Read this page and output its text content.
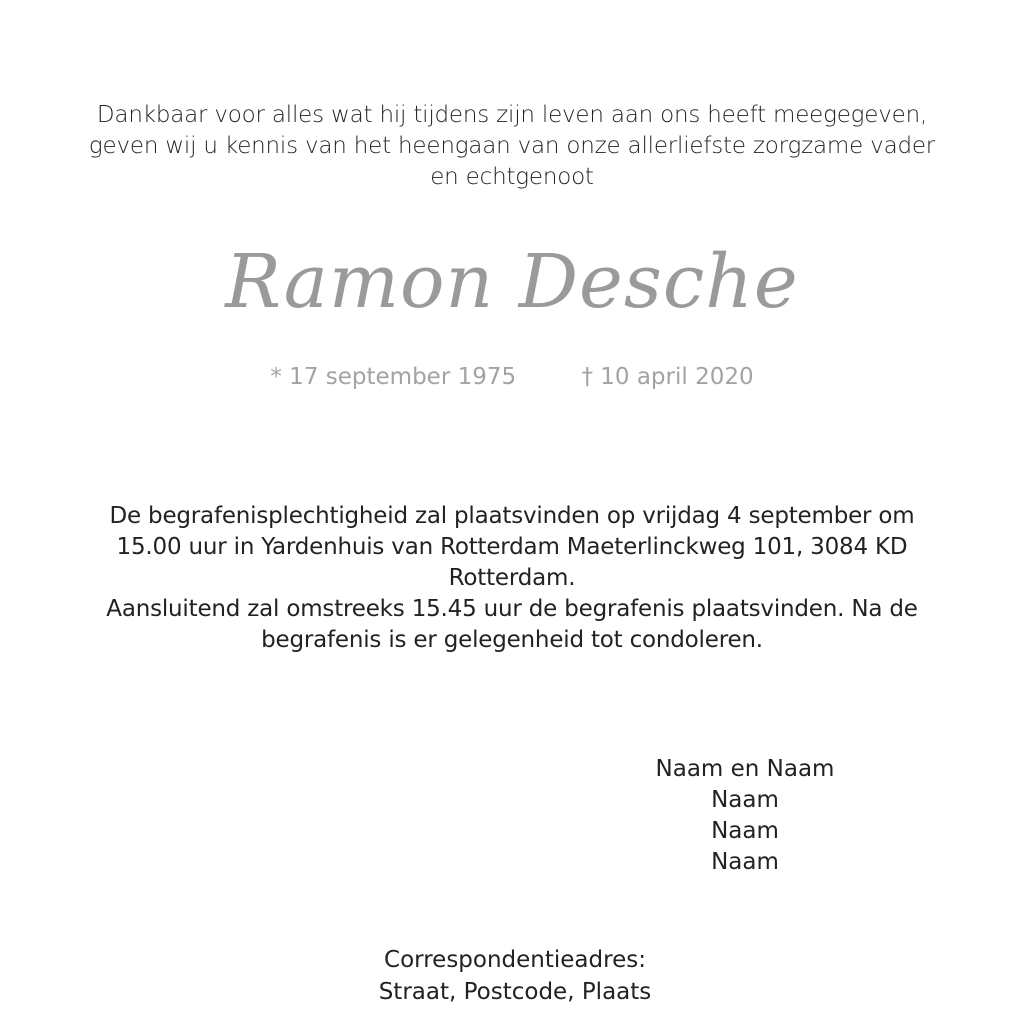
Dankbaar voor alles wat hij tijdens zijn leven aan ons heeft meegegeven,
geven wij u kennis van het heengaan van onze allerliefste zorgzame vader
en echtgenoot
Ramon Desche
* 17 september 1975	† 10 april 2020
De begrafenisplechtigheid zal plaatsvinden op vrijdag 4 september om
15.00 uur in Yardenhuis van Rotterdam Maeterlinckweg 101, 3084 KD
Rotterdam.
Aansluitend zal omstreeks 15.45 uur de begrafenis plaatsvinden. Na de
begrafenis is er gelegenheid tot condoleren.
Naam en Naam
Naam
Naam
Naam
Correspondentieadres:
Straat, Postcode, Plaats
